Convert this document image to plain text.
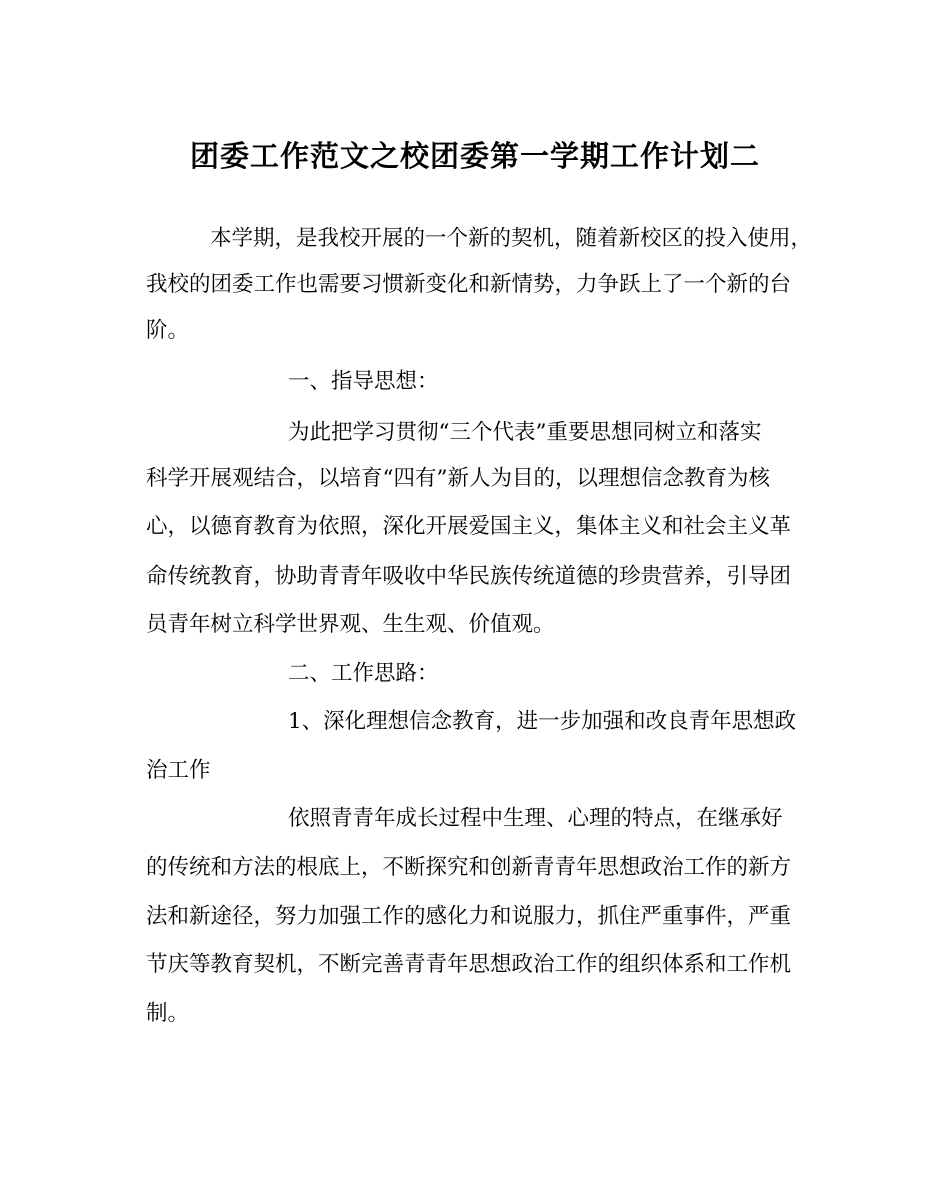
团委工作范文之校团委第一学期工作计划二
本学期，是我校开展的一个新的契机，随着新校区的投入使用，
我校的团委工作也需要习惯新变化和新情势，力争跃上了一个新的台
阶。
一、指导思想：
为此把学习贯彻“三个代表”重要思想同树立和落实
科学开展观结合，以培育“四有”新人为目的，以理想信念教育为核
心，以德育教育为依照，深化开展爱国主义，集体主义和社会主义革
命传统教育，协助青青年吸收中华民族传统道德的珍贵营养，引导团
员青年树立科学世界观、生生观、价值观。
二、工作思路：
1、深化理想信念教育，进一步加强和改良青年思想政
治工作
依照青青年成长过程中生理、心理的特点，在继承好
的传统和方法的根底上，不断探究和创新青青年思想政治工作的新方
法和新途径，努力加强工作的感化力和说服力，抓住严重事件，严重
节庆等教育契机，不断完善青青年思想政治工作的组织体系和工作机
制。
